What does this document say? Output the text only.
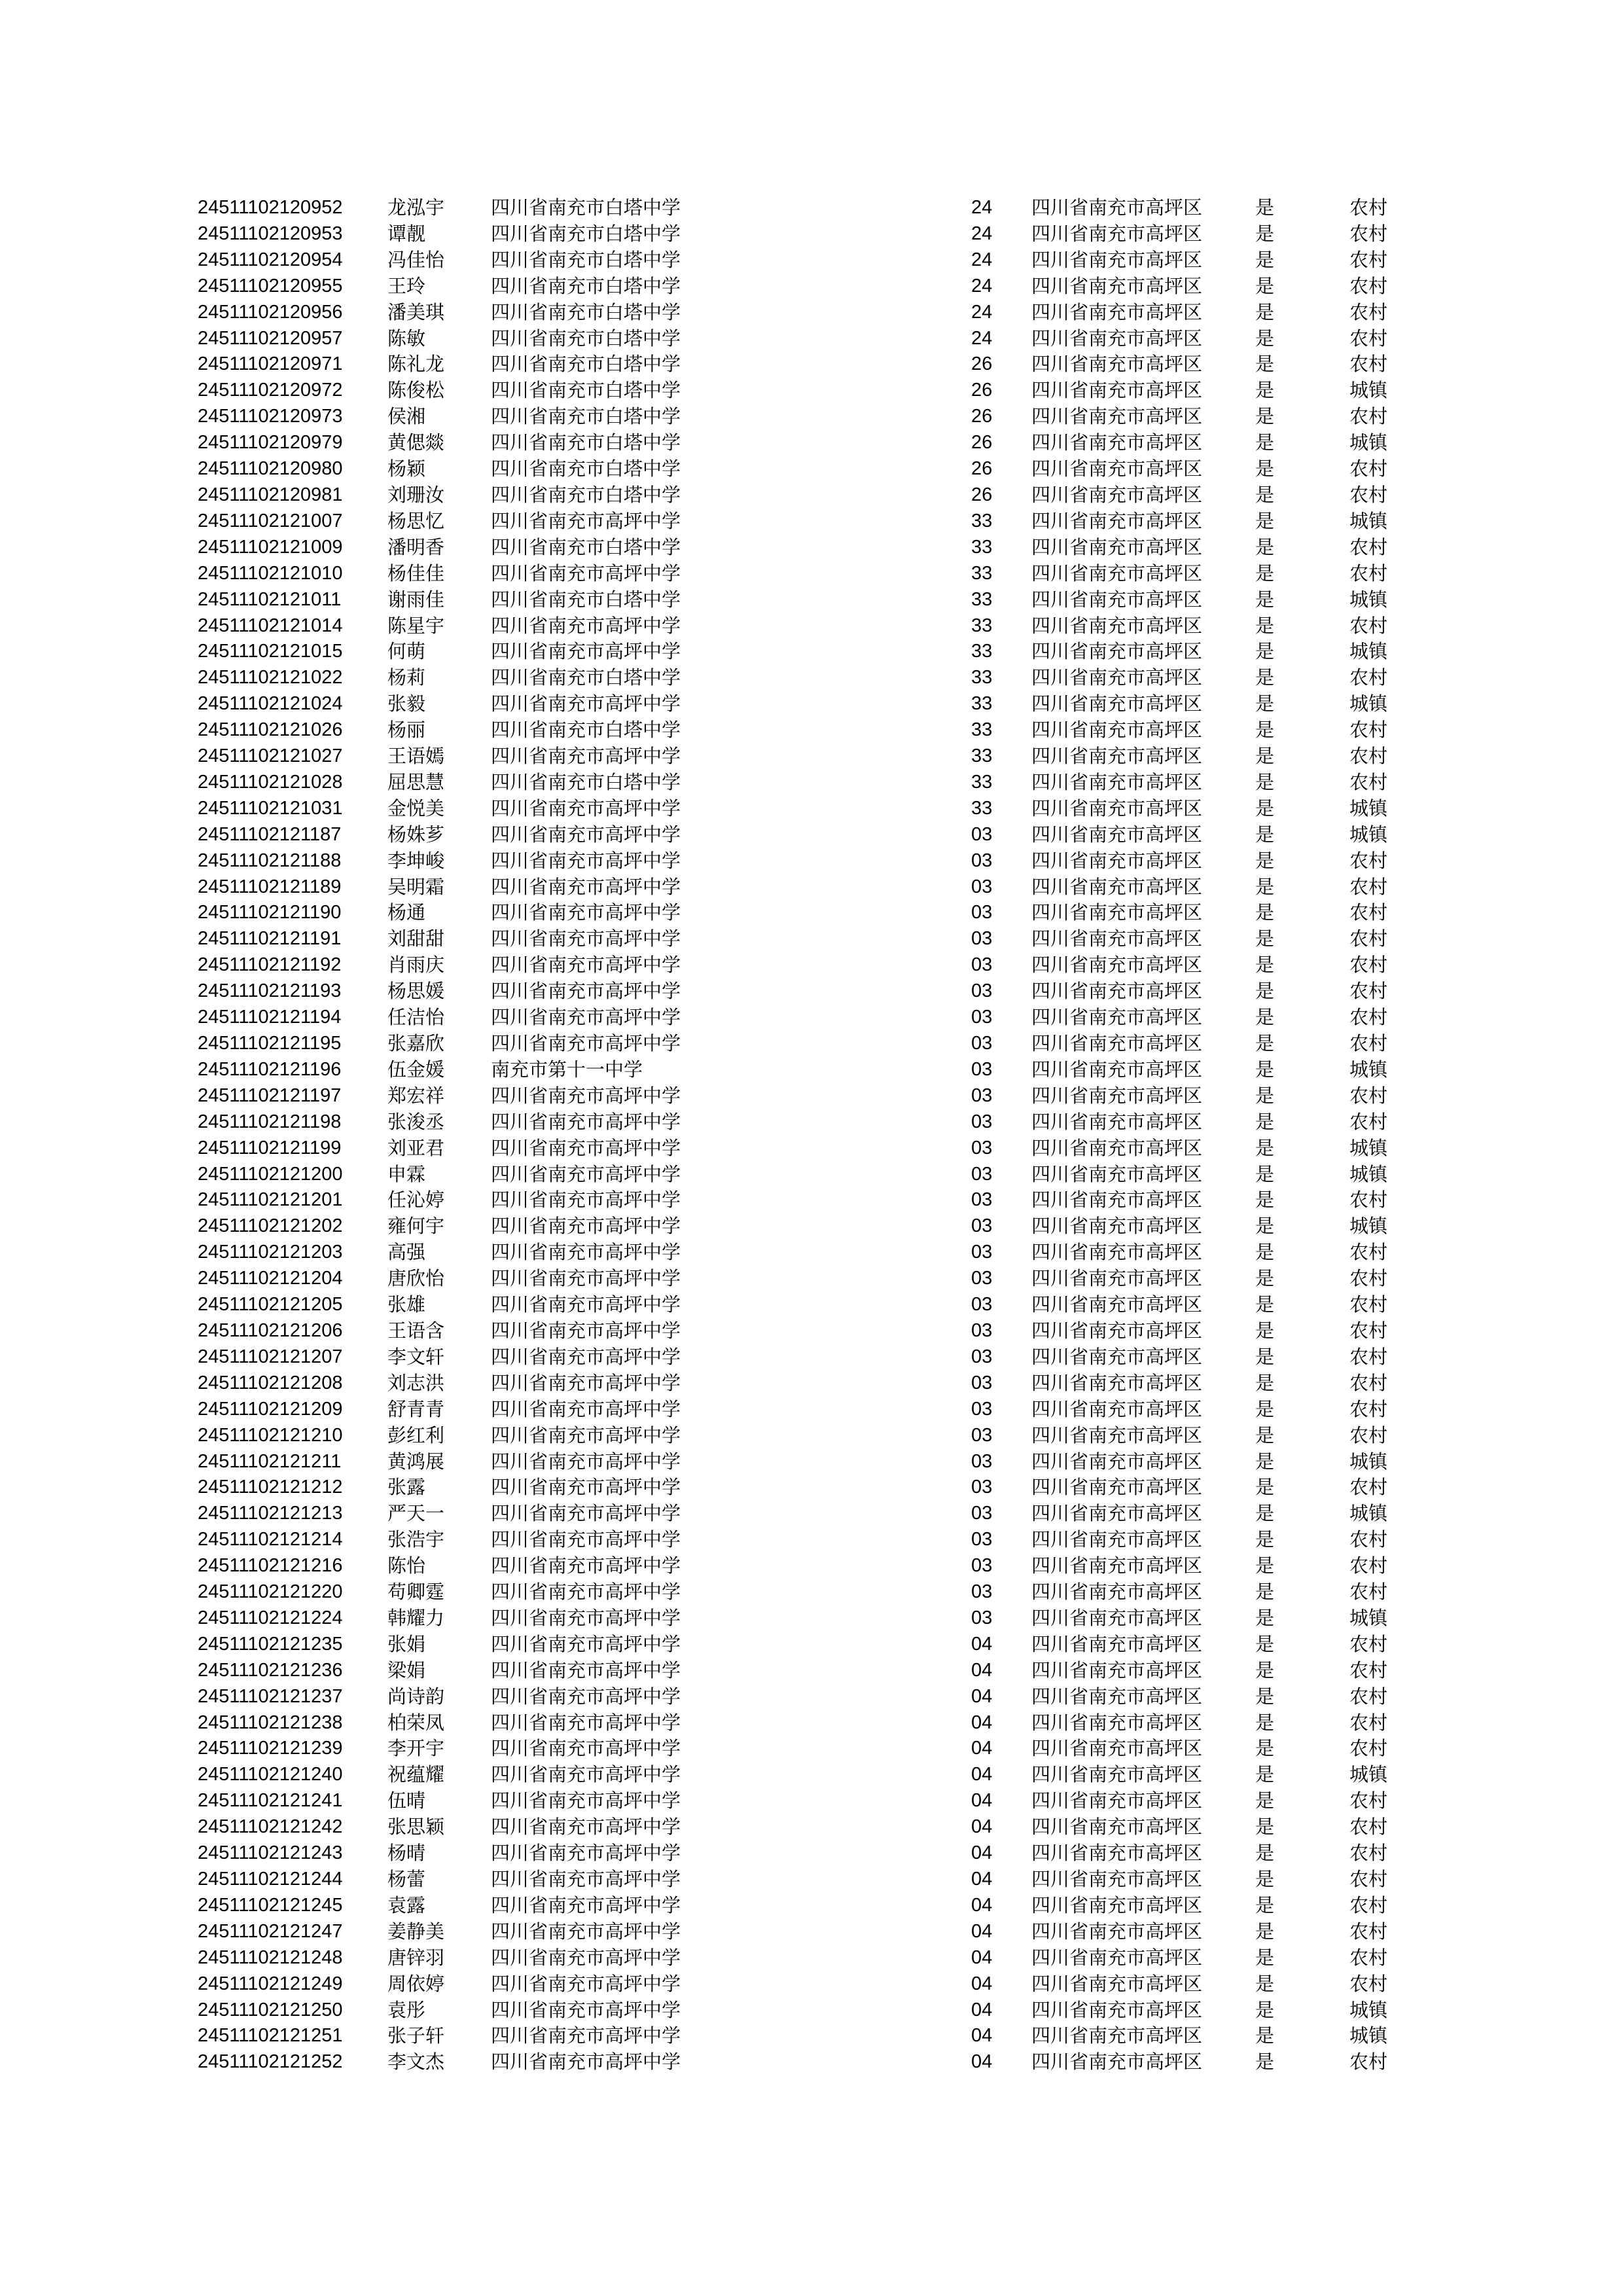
24511102120952	龙泓宇	四川省南充市白塔中学	24	四川省南充市高坪区	是	农村
24511102120953	谭靓	四川省南充市白塔中学	24	四川省南充市高坪区	是	农村
24511102120954	冯佳怡	四川省南充市白塔中学	24	四川省南充市高坪区	是	农村
24511102120955	王玲	四川省南充市白塔中学	24	四川省南充市高坪区	是	农村
24511102120956	潘美琪	四川省南充市白塔中学	24	四川省南充市高坪区	是	农村
24511102120957	陈敏	四川省南充市白塔中学	24	四川省南充市高坪区	是	农村
24511102120971	陈礼龙	四川省南充市白塔中学	26	四川省南充市高坪区	是	农村
24511102120972	陈俊松	四川省南充市白塔中学	26	四川省南充市高坪区	是	城镇
24511102120973	侯湘	四川省南充市白塔中学	26	四川省南充市高坪区	是	农村
24511102120979	黄偲燚	四川省南充市白塔中学	26	四川省南充市高坪区	是	城镇
24511102120980	杨颖	四川省南充市白塔中学	26	四川省南充市高坪区	是	农村
24511102120981	刘珊汝	四川省南充市白塔中学	26	四川省南充市高坪区	是	农村
24511102121007	杨思忆	四川省南充市高坪中学	33	四川省南充市高坪区	是	城镇
24511102121009	潘明香	四川省南充市白塔中学	33	四川省南充市高坪区	是	农村
24511102121010	杨佳佳	四川省南充市高坪中学	33	四川省南充市高坪区	是	农村
24511102121011	谢雨佳	四川省南充市白塔中学	33	四川省南充市高坪区	是	城镇
24511102121014	陈星宇	四川省南充市高坪中学	33	四川省南充市高坪区	是	农村
24511102121015	何萌	四川省南充市高坪中学	33	四川省南充市高坪区	是	城镇
24511102121022	杨莉	四川省南充市白塔中学	33	四川省南充市高坪区	是	农村
24511102121024	张毅	四川省南充市高坪中学	33	四川省南充市高坪区	是	城镇
24511102121026	杨丽	四川省南充市白塔中学	33	四川省南充市高坪区	是	农村
24511102121027	王语嫣	四川省南充市高坪中学	33	四川省南充市高坪区	是	农村
24511102121028	屈思慧	四川省南充市白塔中学	33	四川省南充市高坪区	是	农村
24511102121031	金悦美	四川省南充市高坪中学	33	四川省南充市高坪区	是	城镇
24511102121187	杨姝芗	四川省南充市高坪中学	03	四川省南充市高坪区	是	城镇
24511102121188	李坤峻	四川省南充市高坪中学	03	四川省南充市高坪区	是	农村
24511102121189	吴明霜	四川省南充市高坪中学	03	四川省南充市高坪区	是	农村
24511102121190	杨通	四川省南充市高坪中学	03	四川省南充市高坪区	是	农村
24511102121191	刘甜甜	四川省南充市高坪中学	03	四川省南充市高坪区	是	农村
24511102121192	肖雨庆	四川省南充市高坪中学	03	四川省南充市高坪区	是	农村
24511102121193	杨思媛	四川省南充市高坪中学	03	四川省南充市高坪区	是	农村
24511102121194	任洁怡	四川省南充市高坪中学	03	四川省南充市高坪区	是	农村
24511102121195	张嘉欣	四川省南充市高坪中学	03	四川省南充市高坪区	是	农村
24511102121196	伍金媛	南充市第十一中学	03	四川省南充市高坪区	是	城镇
24511102121197	郑宏祥	四川省南充市高坪中学	03	四川省南充市高坪区	是	农村
24511102121198	张浚丞	四川省南充市高坪中学	03	四川省南充市高坪区	是	农村
24511102121199	刘亚君	四川省南充市高坪中学	03	四川省南充市高坪区	是	城镇
24511102121200	申霖	四川省南充市高坪中学	03	四川省南充市高坪区	是	城镇
24511102121201	任沁婷	四川省南充市高坪中学	03	四川省南充市高坪区	是	农村
24511102121202	雍何宇	四川省南充市高坪中学	03	四川省南充市高坪区	是	城镇
24511102121203	高强	四川省南充市高坪中学	03	四川省南充市高坪区	是	农村
24511102121204	唐欣怡	四川省南充市高坪中学	03	四川省南充市高坪区	是	农村
24511102121205	张雄	四川省南充市高坪中学	03	四川省南充市高坪区	是	农村
24511102121206	王语含	四川省南充市高坪中学	03	四川省南充市高坪区	是	农村
24511102121207	李文轩	四川省南充市高坪中学	03	四川省南充市高坪区	是	农村
24511102121208	刘志洪	四川省南充市高坪中学	03	四川省南充市高坪区	是	农村
24511102121209	舒青青	四川省南充市高坪中学	03	四川省南充市高坪区	是	农村
24511102121210	彭红利	四川省南充市高坪中学	03	四川省南充市高坪区	是	农村
24511102121211	黄鸿展	四川省南充市高坪中学	03	四川省南充市高坪区	是	城镇
24511102121212	张露	四川省南充市高坪中学	03	四川省南充市高坪区	是	农村
24511102121213	严天一	四川省南充市高坪中学	03	四川省南充市高坪区	是	城镇
24511102121214	张浩宇	四川省南充市高坪中学	03	四川省南充市高坪区	是	农村
24511102121216	陈怡	四川省南充市高坪中学	03	四川省南充市高坪区	是	农村
24511102121220	苟卿霆	四川省南充市高坪中学	03	四川省南充市高坪区	是	农村
24511102121224	韩耀力	四川省南充市高坪中学	03	四川省南充市高坪区	是	城镇
24511102121235	张娟	四川省南充市高坪中学	04	四川省南充市高坪区	是	农村
24511102121236	梁娟	四川省南充市高坪中学	04	四川省南充市高坪区	是	农村
24511102121237	尚诗韵	四川省南充市高坪中学	04	四川省南充市高坪区	是	农村
24511102121238	柏荣凤	四川省南充市高坪中学	04	四川省南充市高坪区	是	农村
24511102121239	李开宇	四川省南充市高坪中学	04	四川省南充市高坪区	是	农村
24511102121240	祝蕴耀	四川省南充市高坪中学	04	四川省南充市高坪区	是	城镇
24511102121241	伍晴	四川省南充市高坪中学	04	四川省南充市高坪区	是	农村
24511102121242	张思颖	四川省南充市高坪中学	04	四川省南充市高坪区	是	农村
24511102121243	杨晴	四川省南充市高坪中学	04	四川省南充市高坪区	是	农村
24511102121244	杨蕾	四川省南充市高坪中学	04	四川省南充市高坪区	是	农村
24511102121245	袁露	四川省南充市高坪中学	04	四川省南充市高坪区	是	农村
24511102121247	姜静美	四川省南充市高坪中学	04	四川省南充市高坪区	是	农村
24511102121248	唐锌羽	四川省南充市高坪中学	04	四川省南充市高坪区	是	农村
24511102121249	周依婷	四川省南充市高坪中学	04	四川省南充市高坪区	是	农村
24511102121250	袁彤	四川省南充市高坪中学	04	四川省南充市高坪区	是	城镇
24511102121251	张子轩	四川省南充市高坪中学	04	四川省南充市高坪区	是	城镇
24511102121252	李文杰	四川省南充市高坪中学	04	四川省南充市高坪区	是	农村
